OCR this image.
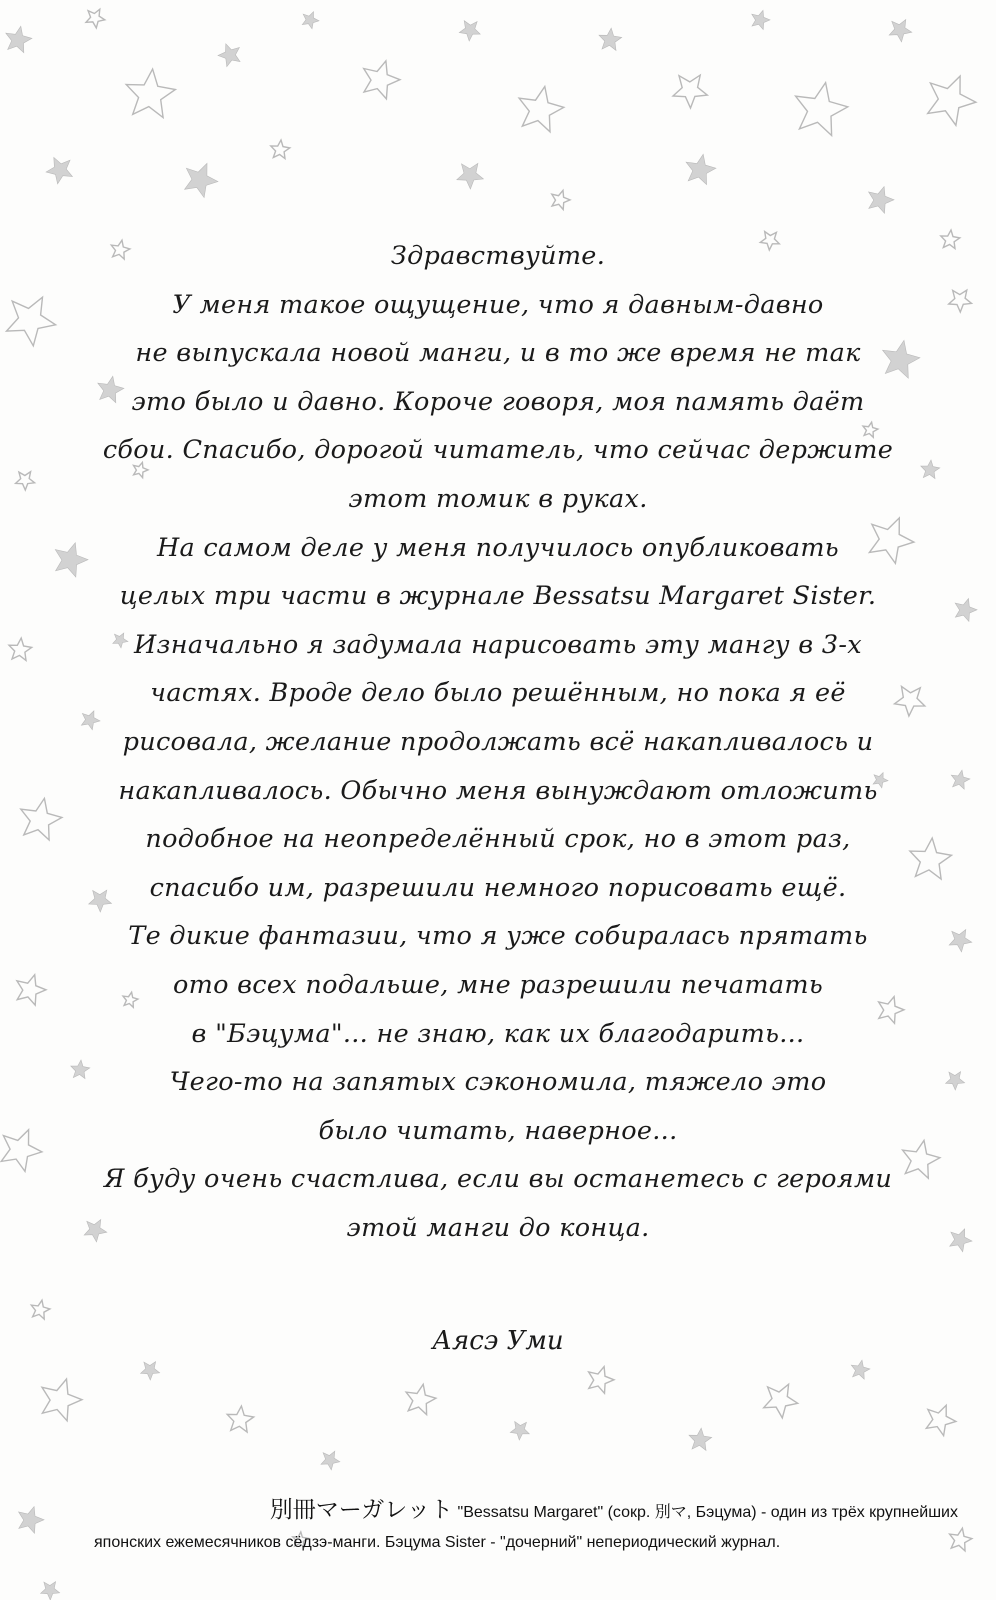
Здравствуйте.
У меня такое ощущение, что я давным-давно
не выпускала новой манги, и в то же время не так
это было и давно. Короче говоря, моя память даёт
сбои. Спасибо, дорогой читатель, что сейчас держите
этот томик в руках.
На самом деле у меня получилось опубликовать
целых три части в журнале Bessatsu Margaret Sister.
Изначально я задумала нарисовать эту мангу в 3-х
частях. Вроде дело было решённым, но пока я её
рисовала, желание продолжать всё накапливалось и
накапливалось. Обычно меня вынуждают отложить
подобное на неопределённый срок, но в этот раз,
спасибо им, разрешили немного порисовать ещё.
Те дикие фантазии, что я уже собиралась прятать
ото всех подальше, мне разрешили печатать
в "Бэцума"... не знаю, как их благодарить...
Чего-то на запятых сэкономила, тяжело это
было читать, наверное...
Я буду очень счастлива, если вы останетесь с героями
этой манги до конца.
Аясэ Уми
別冊マーガレット "Bessatsu Margaret" (сокр. 別マ, Бэцума) - один из трёх крупнейших
японских ежемесячников сёдзэ-манги. Бэцума Sister - "дочерний" непериодический журнал.
